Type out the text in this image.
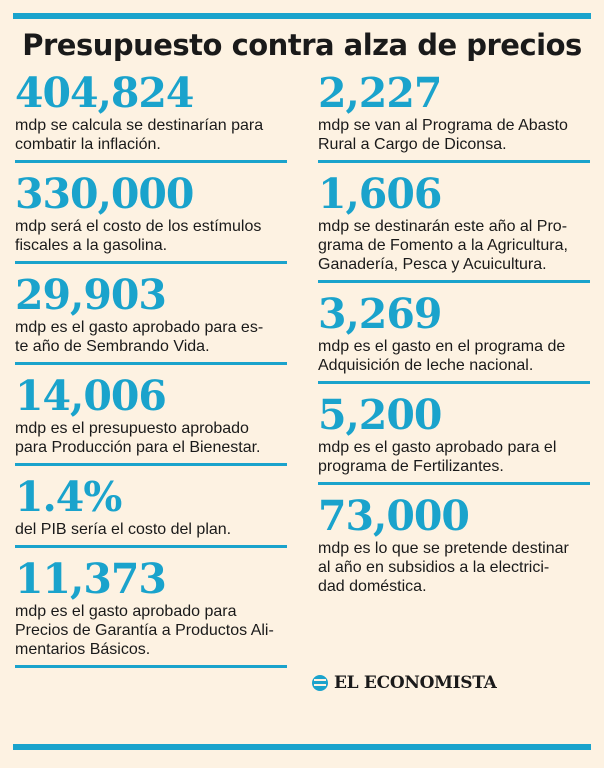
Presupuesto contra alza de precios
404,824
mdp se calcula se destinarían para
combatir la inflación.
330,000
mdp será el costo de los estímulos
fiscales a la gasolina.
29,903
mdp es el gasto aprobado para es-
te año de Sembrando Vida.
14,006
mdp es el presupuesto aprobado
para Producción para el Bienestar.
1.4%
del PIB sería el costo del plan.
11,373
mdp es el gasto aprobado para
Precios de Garantía a Productos Ali-
mentarios Básicos.
2,227
mdp se van al Programa de Abasto
Rural a Cargo de Diconsa.
1,606
mdp se destinarán este año al Pro-
grama de Fomento a la Agricultura,
Ganadería, Pesca y Acuicultura.
3,269
mdp es el gasto en el programa de
Adquisición de leche nacional.
5,200
mdp es el gasto aprobado para el
programa de Fertilizantes.
73,000
mdp es lo que se pretende destinar
al año en subsidios a la electrici-
dad doméstica.
EL ECONOMISTA
